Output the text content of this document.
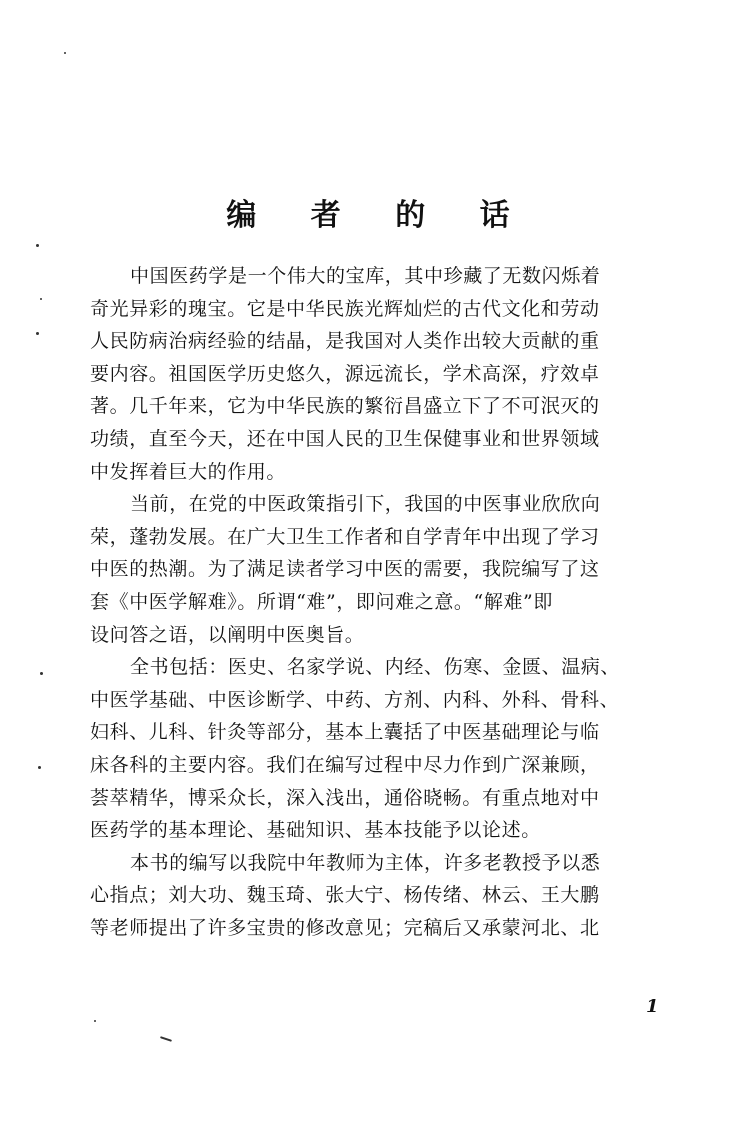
编 者 的 话
中国医药学是一个伟大的宝库，其中珍藏了无数闪烁着
奇光异彩的瑰宝。它是中华民族光辉灿烂的古代文化和劳动
人民防病治病经验的结晶，是我国对人类作出较大贡献的重
要内容。祖国医学历史悠久，源远流长，学术高深，疗效卓
著。几千年来，它为中华民族的繁衍昌盛立下了不可泯灭的
功绩，直至今天，还在中国人民的卫生保健事业和世界领域
中发挥着巨大的作用。
当前，在党的中医政策指引下，我国的中医事业欣欣向
荣，蓬勃发展。在广大卫生工作者和自学青年中出现了学习
中医的热潮。为了满足读者学习中医的需要，我院编写了这
套《中医学解难》。所谓“难”，即问难之意。“解难”即
设问答之语，以阐明中医奥旨。
全书包括：医史、名家学说、内经、伤寒、金匮、温病、
中医学基础、中医诊断学、中药、方剂、内科、外科、骨科、
妇科、儿科、针灸等部分，基本上囊括了中医基础理论与临
床各科的主要内容。我们在编写过程中尽力作到广深兼顾，
荟萃精华，博采众长，深入浅出，通俗晓畅。有重点地对中
医药学的基本理论、基础知识、基本技能予以论述。
本书的编写以我院中年教师为主体，许多老教授予以悉
心指点；刘大功、魏玉琦、张大宁、杨传绪、林云、王大鹏
等老师提出了许多宝贵的修改意见；完稿后又承蒙河北、北
1
